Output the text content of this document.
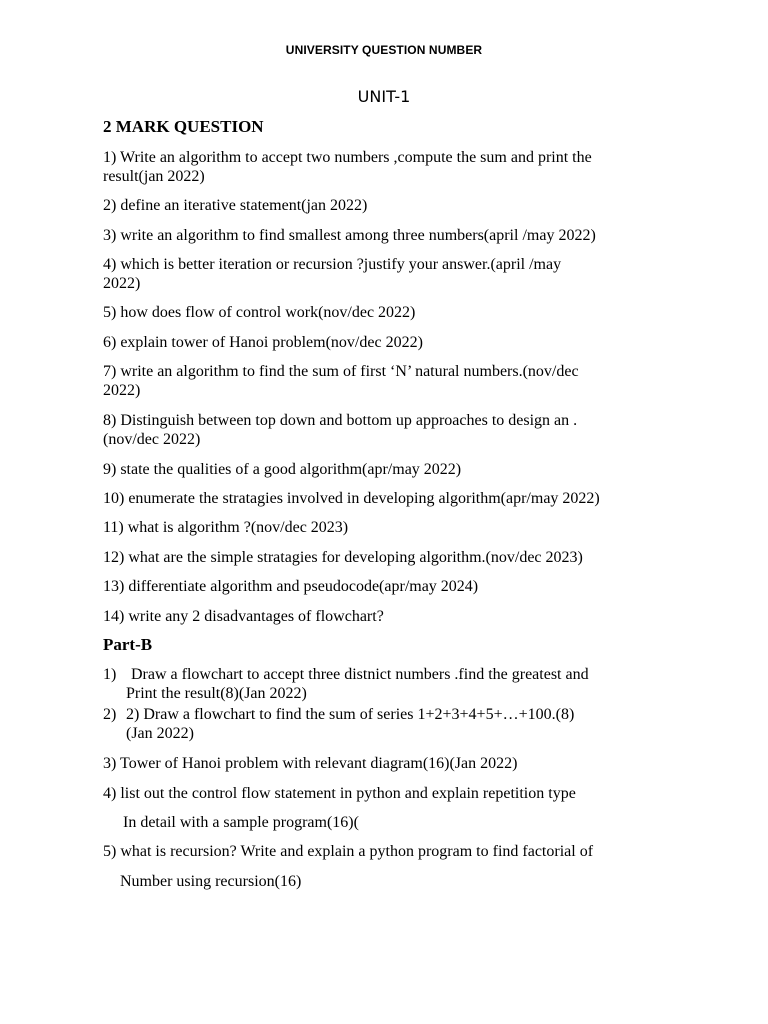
UNIVERSITY QUESTION NUMBER
UNIT-1
2 MARK QUESTION
1) Write an algorithm to accept two numbers ,compute the sum and print the
result(jan 2022)
2) define an iterative statement(jan 2022)
3) write an algorithm to find smallest among three numbers(april /may 2022)
4) which is better iteration or recursion ?justify your answer.(april /may
2022)
5) how does flow of control work(nov/dec 2022)
6) explain tower of Hanoi problem(nov/dec 2022)
7) write an algorithm to find the sum of first ‘N’ natural numbers.(nov/dec
2022)
8) Distinguish between top down and bottom up approaches to design an .
(nov/dec 2022)
9) state the qualities of a good algorithm(apr/may 2022)
10) enumerate the stratagies involved in developing algorithm(apr/may 2022)
11) what is algorithm ?(nov/dec 2023)
12) what are the simple stratagies for developing algorithm.(nov/dec 2023)
13) differentiate algorithm and pseudocode(apr/may 2024)
14) write any 2 disadvantages of flowchart?
Part-B
1) Draw a flowchart to accept three distnict numbers .find the greatest and
Print the result(8)(Jan 2022)
2) 2) Draw a flowchart to find the sum of series 1+2+3+4+5+…+100.(8)
(Jan 2022)
3) Tower of Hanoi problem with relevant diagram(16)(Jan 2022)
4) list out the control flow statement in python and explain repetition type
In detail with a sample program(16)(
5) what is recursion? Write and explain a python program to find factorial of
Number using recursion(16)
